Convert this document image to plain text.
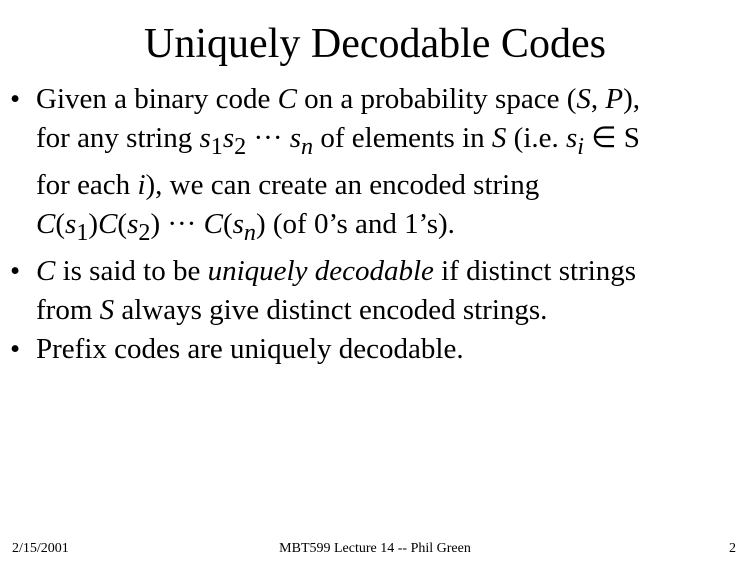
Uniquely Decodable Codes
• Given a binary code C on a probability space (S, P),
for any string $s_1s_2$ ··· $s_n$ of elements in S (i.e. $s_i$ ∈ S
for each i), we can create an encoded string
$C(s_1)C(s_2)$ ··· $C(s_n)$ (of 0’s and 1’s).
• C is said to be uniquely decodable if distinct strings
from S always give distinct encoded strings.
• Prefix codes are uniquely decodable.
2/15/2001	MBT599 Lecture 14 -- Phil Green	2
